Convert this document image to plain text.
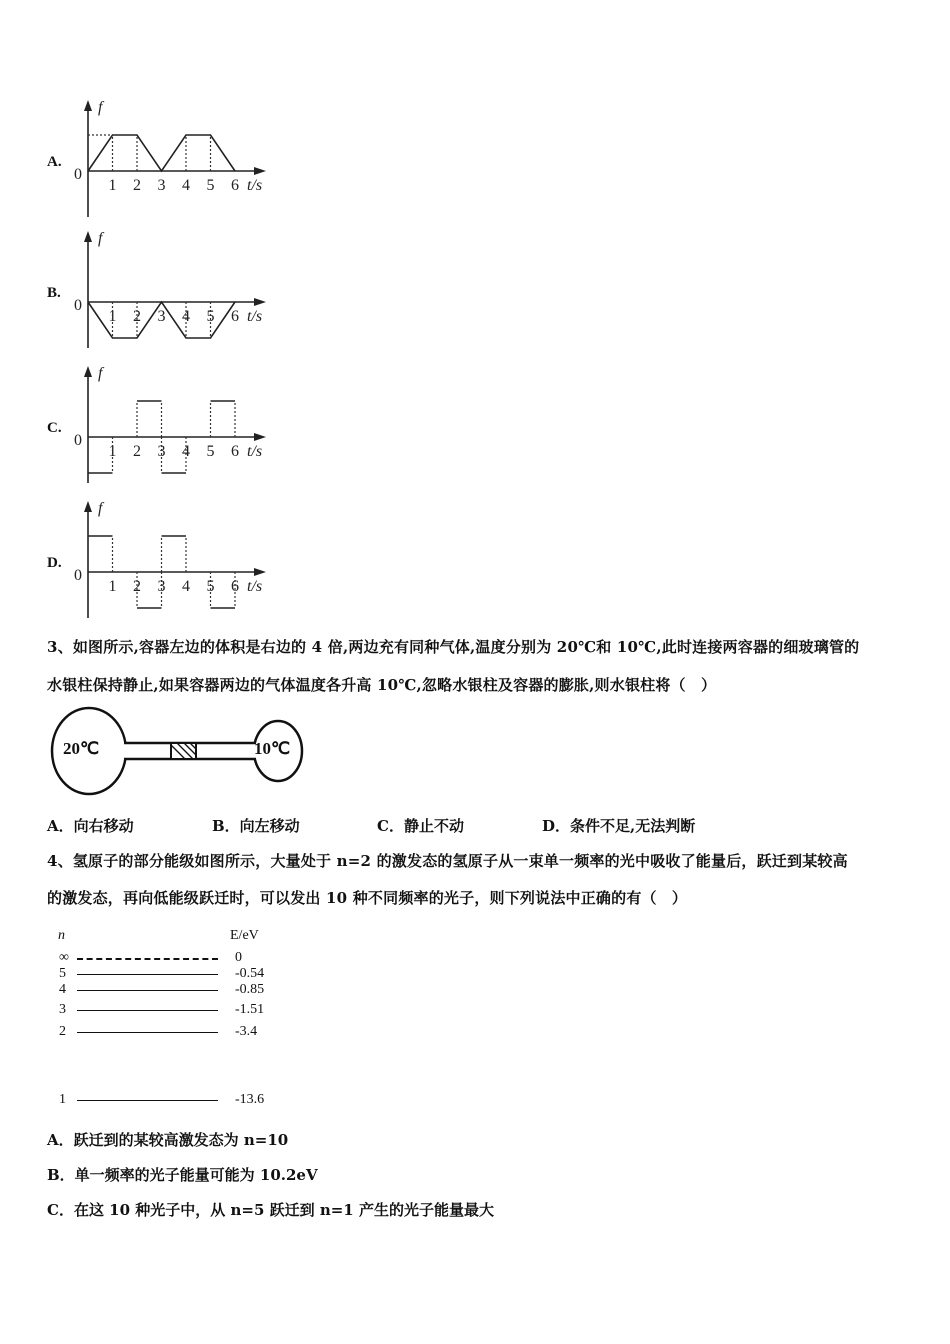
f
0
1 2 3 4 5 6 t/s
A.
f
0
1 2 3 4 5 6 t/s
B.
f
0
1 2 3 4 5 6 t/s
C.
f
0
1 2 3 4 5 6 t/s
D.
3、如图所示,容器左边的体积是右边的 4 倍,两边充有同种气体,温度分别为 20℃和 10℃,此时连接两容器的细玻璃管的
水银柱保持静止,如果容器两边的气体温度各升高 10℃,忽略水银柱及容器的膨胀,则水银柱将（　）
20℃	10℃
A．向右移动	B．向左移动	C．静止不动	D．条件不足,无法判断
4、氢原子的部分能级如图所示，大量处于 n=2 的激发态的氢原子从一束单一频率的光中吸收了能量后，跃迁到某较高
的激发态，再向低能级跃迁时，可以发出 10 种不同频率的光子，则下列说法中正确的有（　）
n	E/eV
∞	0
5	-0.54
4	-0.85
3	-1.51
2	-3.4
1	-13.6
A．跃迁到的某较高激发态为 n=10
B．单一频率的光子能量可能为 10.2eV
C．在这 10 种光子中，从 n=5 跃迁到 n=1 产生的光子能量最大
